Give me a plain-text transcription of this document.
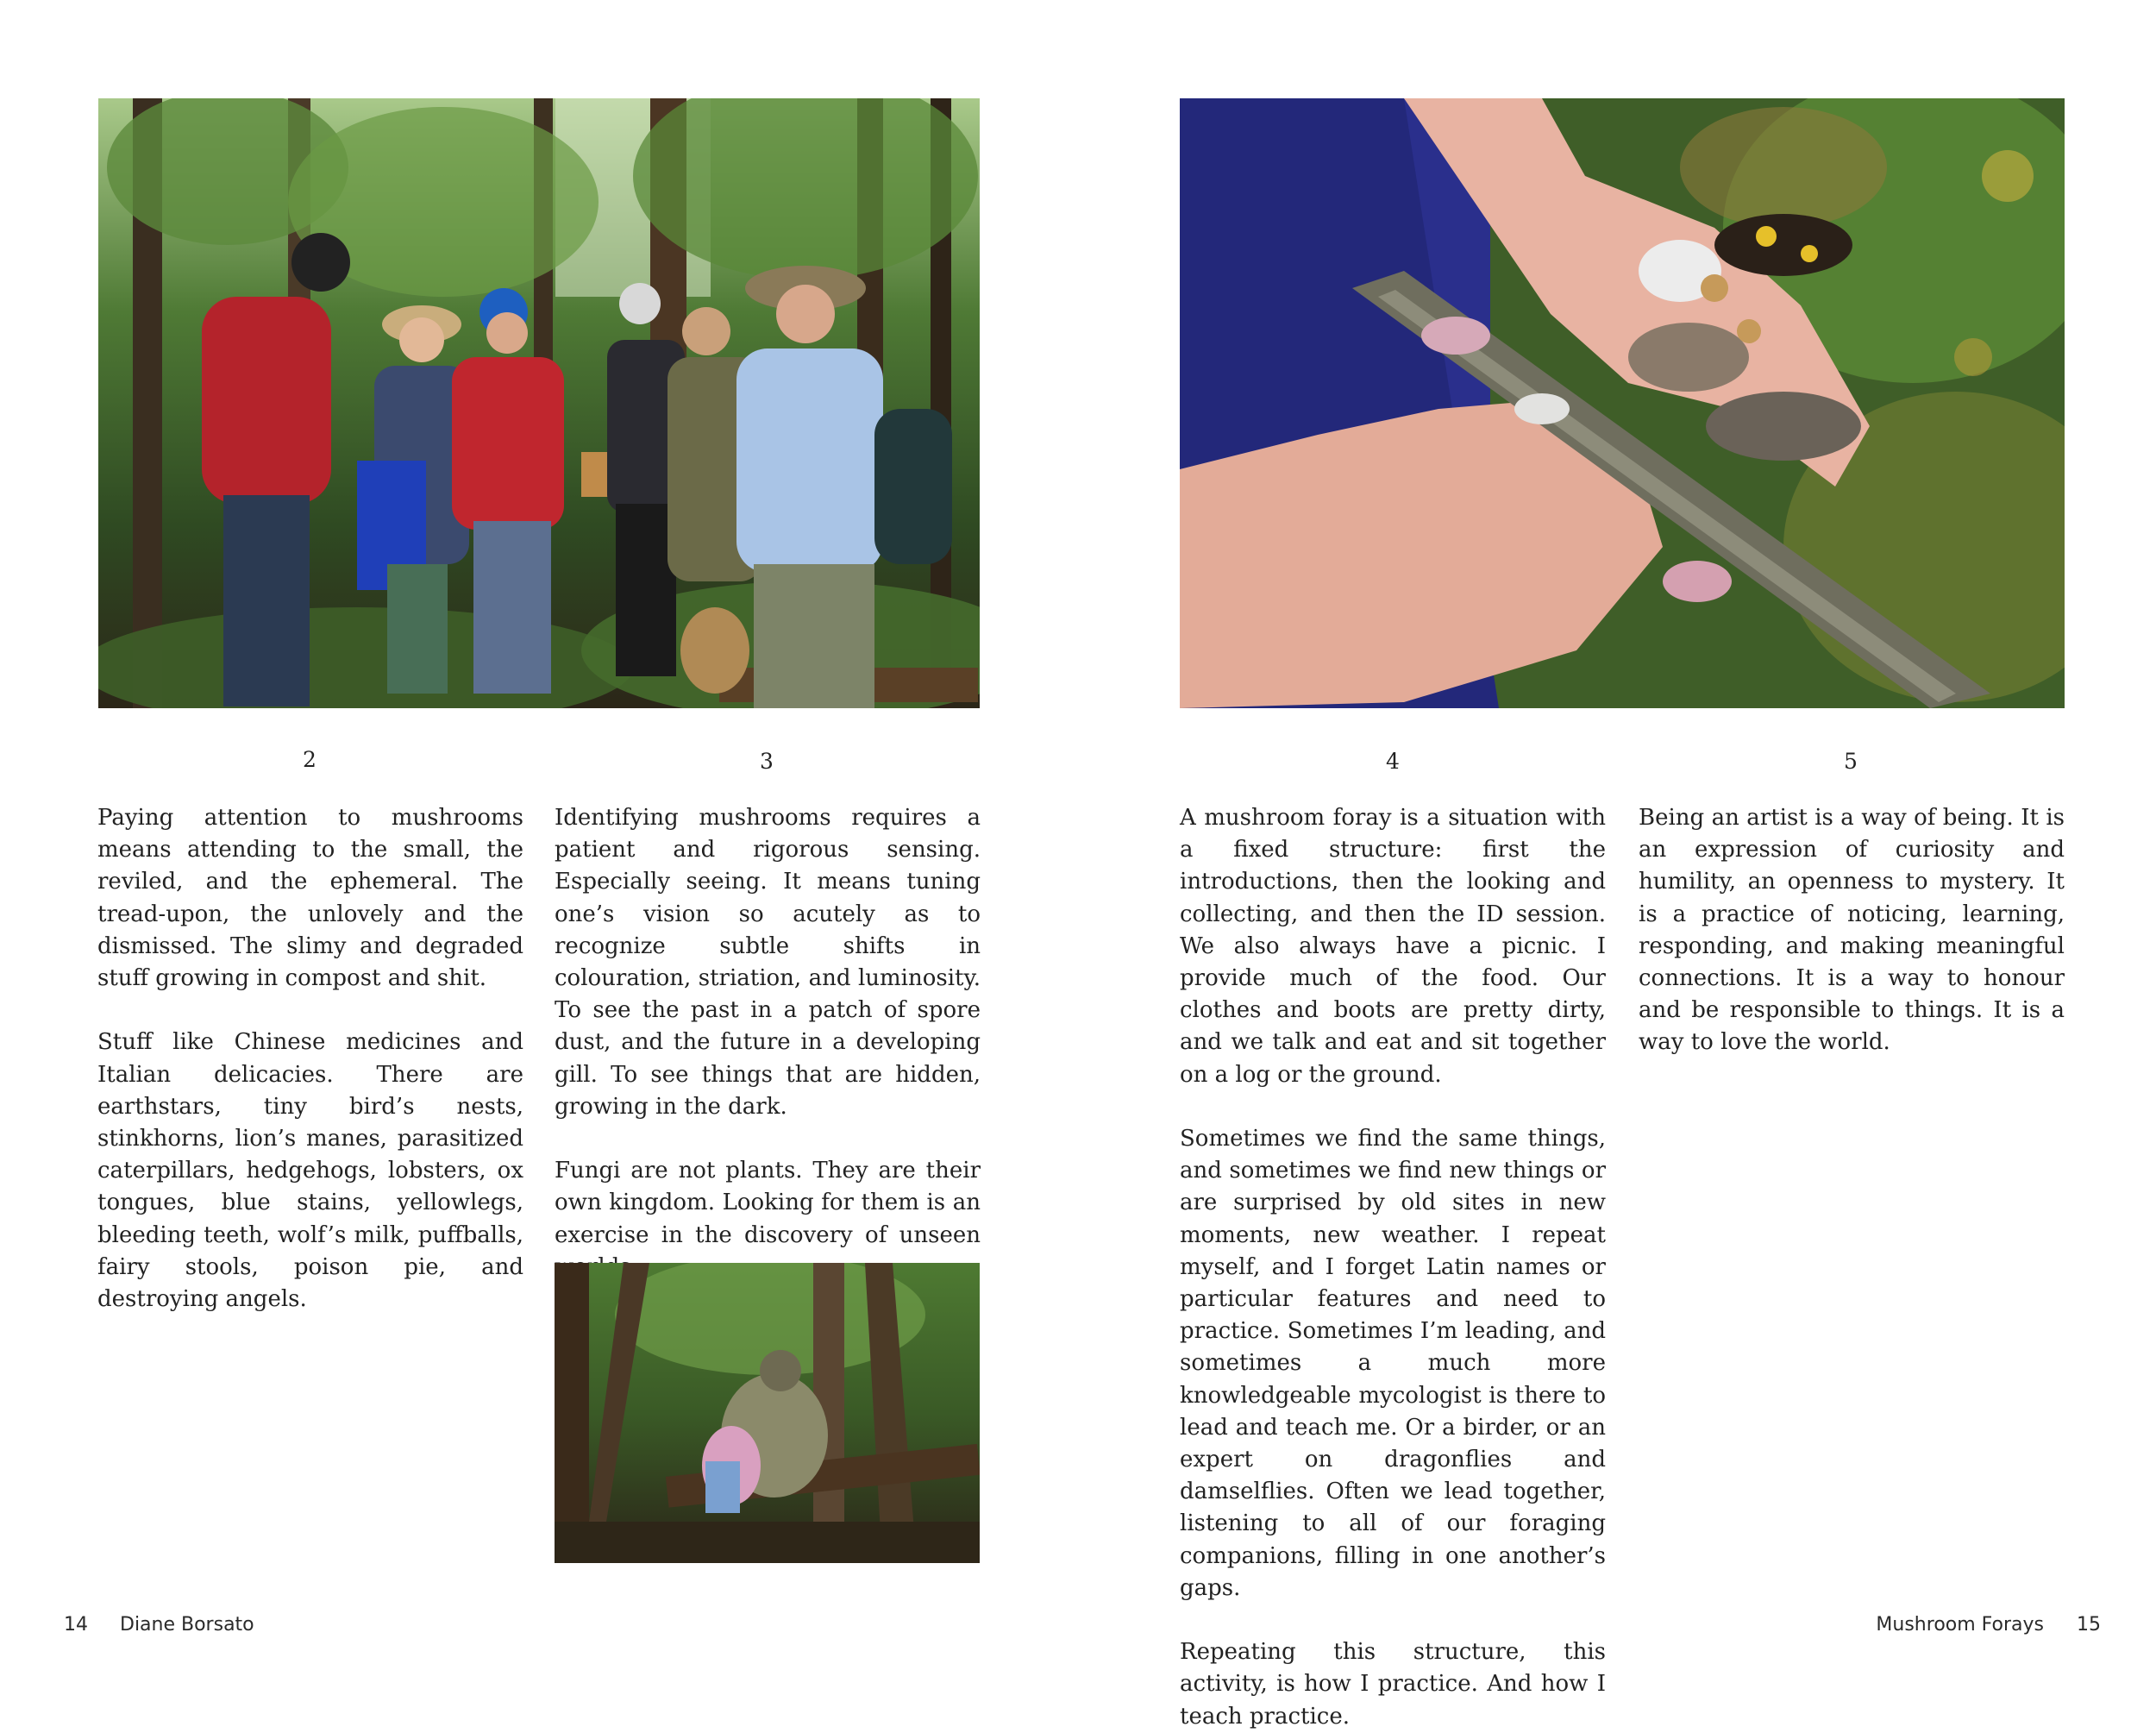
2	3

Paying attention to mushrooms means attending to the small, the reviled, and the ephemeral. The tread-upon, the unlovely and the dismissed. The slimy and degraded stuff growing in compost and shit.

Stuff like Chinese medicines and Italian delicacies. There are earthstars, tiny bird’s nests, stinkhorns, lion’s manes, parasitized caterpillars, hedgehogs, lobsters, ox tongues, blue stains, yellowlegs, bleeding teeth, wolf’s milk, puffballs, fairy stools, poison pie, and destroying angels.

Identifying mushrooms requires a patient and rigorous sensing. Especially seeing. It means tuning one’s vision so acutely as to recognize subtle shifts in colouration, striation, and luminosity. To see the past in a patch of spore dust, and the future in a developing gill. To see things that are hidden, growing in the dark.

Fungi are not plants. They are their own kingdom. Looking for them is an exercise in the discovery of unseen

4	5

A mushroom foray is a situation with a fixed structure: first the introductions, then the looking and collecting, and then the ID session. We also always have a picnic. I provide much of the food. Our clothes and boots are pretty dirty, and we talk and eat and sit together on a log or the ground.

Sometimes we find the same things, and sometimes we find new things or are surprised by old sites in new moments, new weather. I repeat myself, and I forget Latin names or particular features and need to practice. Sometimes I’m leading, and sometimes a much more knowledgeable mycologist is there to lead and teach me. Or a birder, or an expert on dragonflies and damselflies. Often we lead together, listening to all of our foraging companions, filling in one another’s gaps.

Repeating this structure, this activity, is how I practice. And how I teach practice.

Being an artist is a way of being. It is an expression of curiosity and humility, an openness to mystery. It is a practice of noticing, learning, responding, and making meaningful connections. It is a way to honour and be responsible to things. It is a way to love the world.

14 Diane Borsato	Mushroom Forays 15
